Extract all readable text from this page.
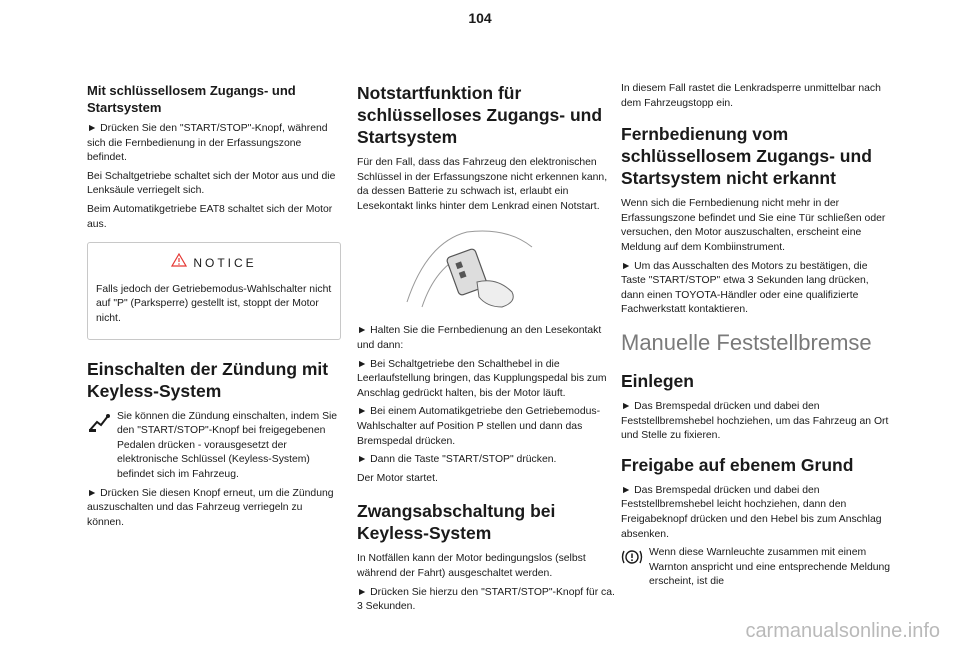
104
Mit schlüssellosem Zugangs- und Startsystem

► Drücken Sie den "START/STOP"-Knopf, während sich die Fernbedienung in der Erfassungszone befindet.

Bei Schaltgetriebe schaltet sich der Motor aus und die Lenksäule verriegelt sich.

Beim Automatikgetriebe EAT8 schaltet sich der Motor aus.

NOTICE

Falls jedoch der Getriebemodus-Wahlschalter nicht auf "P" (Parksperre) gestellt ist, stoppt der Motor nicht.

Einschalten der Zündung mit Keyless-System

Sie können die Zündung einschalten, indem Sie den "START/STOP"-Knopf bei freigegebenen Pedalen drücken - vorausgesetzt der elektronische Schlüssel (Keyless-System) befindet sich im Fahrzeug.

► Drücken Sie diesen Knopf erneut, um die Zündung auszuschalten und das Fahrzeug verriegeln zu können.

Notstartfunktion für schlüsselloses Zugangs- und Startsystem

Für den Fall, dass das Fahrzeug den elektronischen Schlüssel in der Erfassungszone nicht erkennen kann, da dessen Batterie zu schwach ist, erlaubt ein Lesekontakt links hinter dem Lenkrad einen Notstart.

► Halten Sie die Fernbedienung an den Lesekontakt und dann:

► Bei Schaltgetriebe den Schalthebel in die Leerlaufstellung bringen, das Kupplungspedal bis zum Anschlag gedrückt halten, bis der Motor läuft.

► Bei einem Automatikgetriebe den Getriebemodus-Wahlschalter auf Position P stellen und dann das Bremspedal drücken.

► Dann die Taste "START/STOP" drücken.

Der Motor startet.

Zwangsabschaltung bei Keyless-System

In Notfällen kann der Motor bedingungslos (selbst während der Fahrt) ausgeschaltet werden.

► Drücken Sie hierzu den "START/STOP"-Knopf für ca. 3 Sekunden.

In diesem Fall rastet die Lenkradsperre unmittelbar nach dem Fahrzeugstopp ein.

Fernbedienung vom schlüssellosem Zugangs- und Startsystem nicht erkannt

Wenn sich die Fernbedienung nicht mehr in der Erfassungszone befindet und Sie eine Tür schließen oder versuchen, den Motor auszuschalten, erscheint eine Meldung auf dem Kombiinstrument.

► Um das Ausschalten des Motors zu bestätigen, die Taste "START/STOP" etwa 3 Sekunden lang drücken, dann einen TOYOTA-Händler oder eine qualifizierte Fachwerkstatt kontaktieren.

Manuelle Feststellbremse
Einlegen

► Das Bremspedal drücken und dabei den Feststellbremshebel hochziehen, um das Fahrzeug an Ort und Stelle zu fixieren.

Freigabe auf ebenem Grund

► Das Bremspedal drücken und dabei den Feststellbremshebel leicht hochziehen, dann den Freigabeknopf drücken und den Hebel bis zum Anschlag absenken.

Wenn diese Warnleuchte zusammen mit einem Warnton anspricht und eine entsprechende Meldung erscheint, ist die

carmanualsonline.info
